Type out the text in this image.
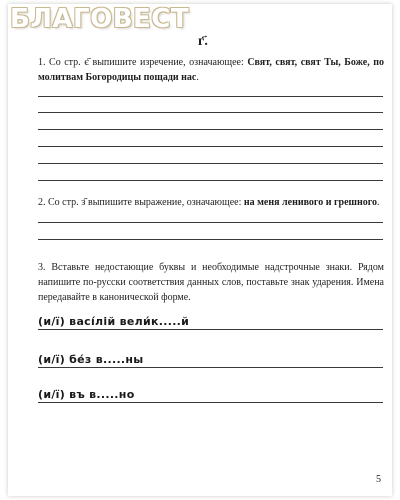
БЛАГОВЕСТ
г҃.
1. Со стр. є҃ выпишите изречение, означающее: Свят, свят, свят Ты, Боже, по молитвам Богородицы пощади нас.
2. Со стр. з҃ выпишите выражение, означающее: на меня ленивого и грешного.
3. Вставьте недостающие буквы и необходимые надстрочные знаки. Рядом напишите по-русски соответствия данных слов, поставьте знак ударения. Имена передавайте в канонической форме.
(и/ї) васі́лій вели́к.....й
(и/ї) бе́з в.....ны
(и/ї) въ в.....но
5
